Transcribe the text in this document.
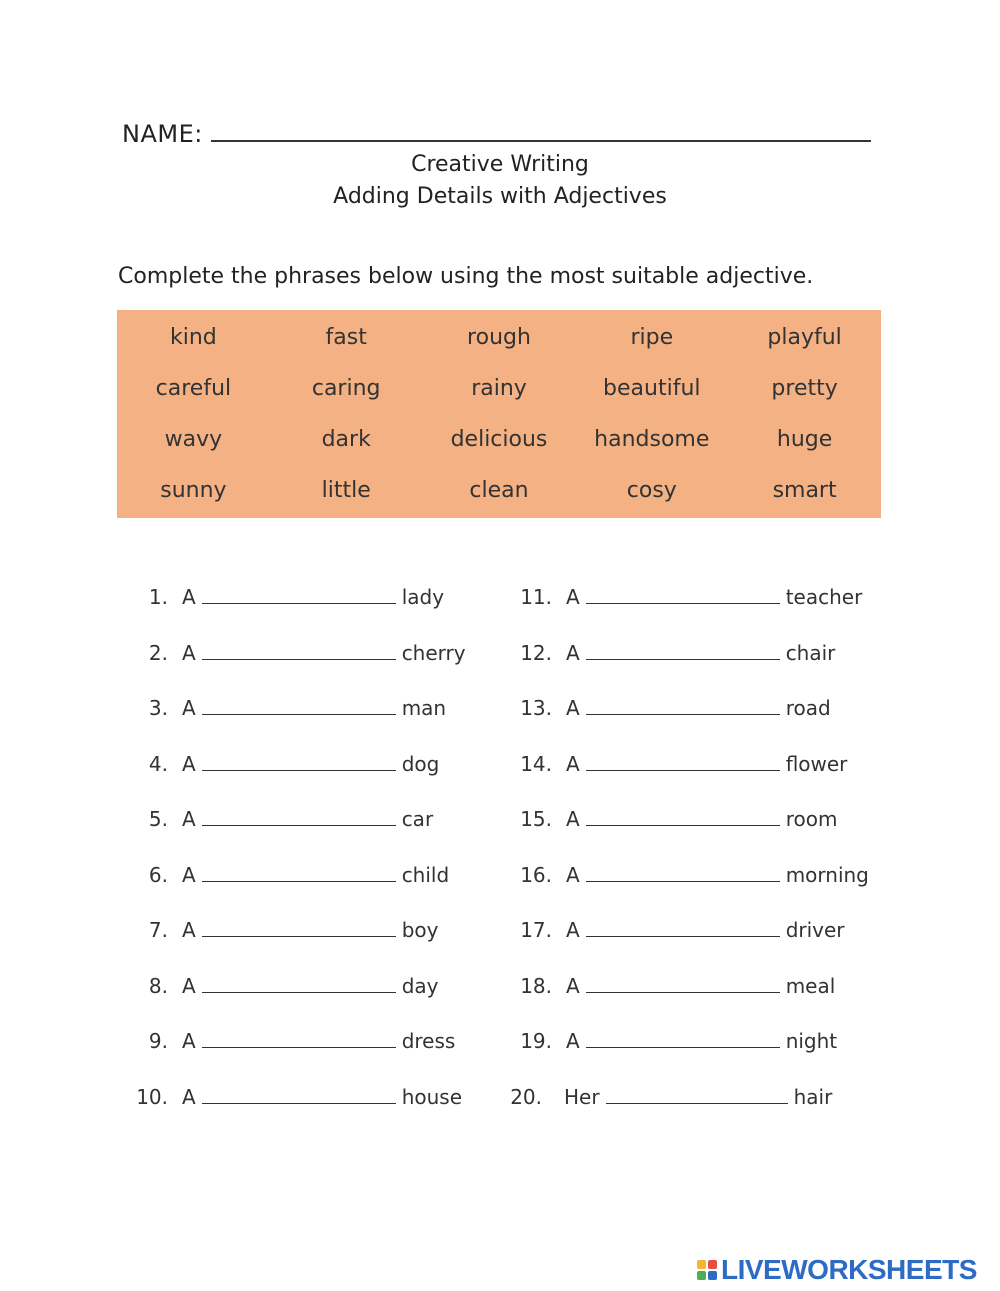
NAME:
Creative Writing
Adding Details with Adjectives
Complete the phrases below using the most suitable adjective.
kind	fast	rough	ripe	playful
careful	caring	rainy	beautiful	pretty
wavy	dark	delicious	handsome	huge
sunny	little	clean	cosy	smart
1. A	lady
2. A	cherry
3. A	man
4. A	dog
5. A	car
6. A	child
7. A	boy
8. A	day
9. A	dress
10. A	house
11. A	teacher
12. A	chair
13. A	road
14. A	flower
15. A	room
16. A	morning
17. A	driver
18. A	meal
19. A	night
20. Her	hair
LIVEWORKSHEETS
